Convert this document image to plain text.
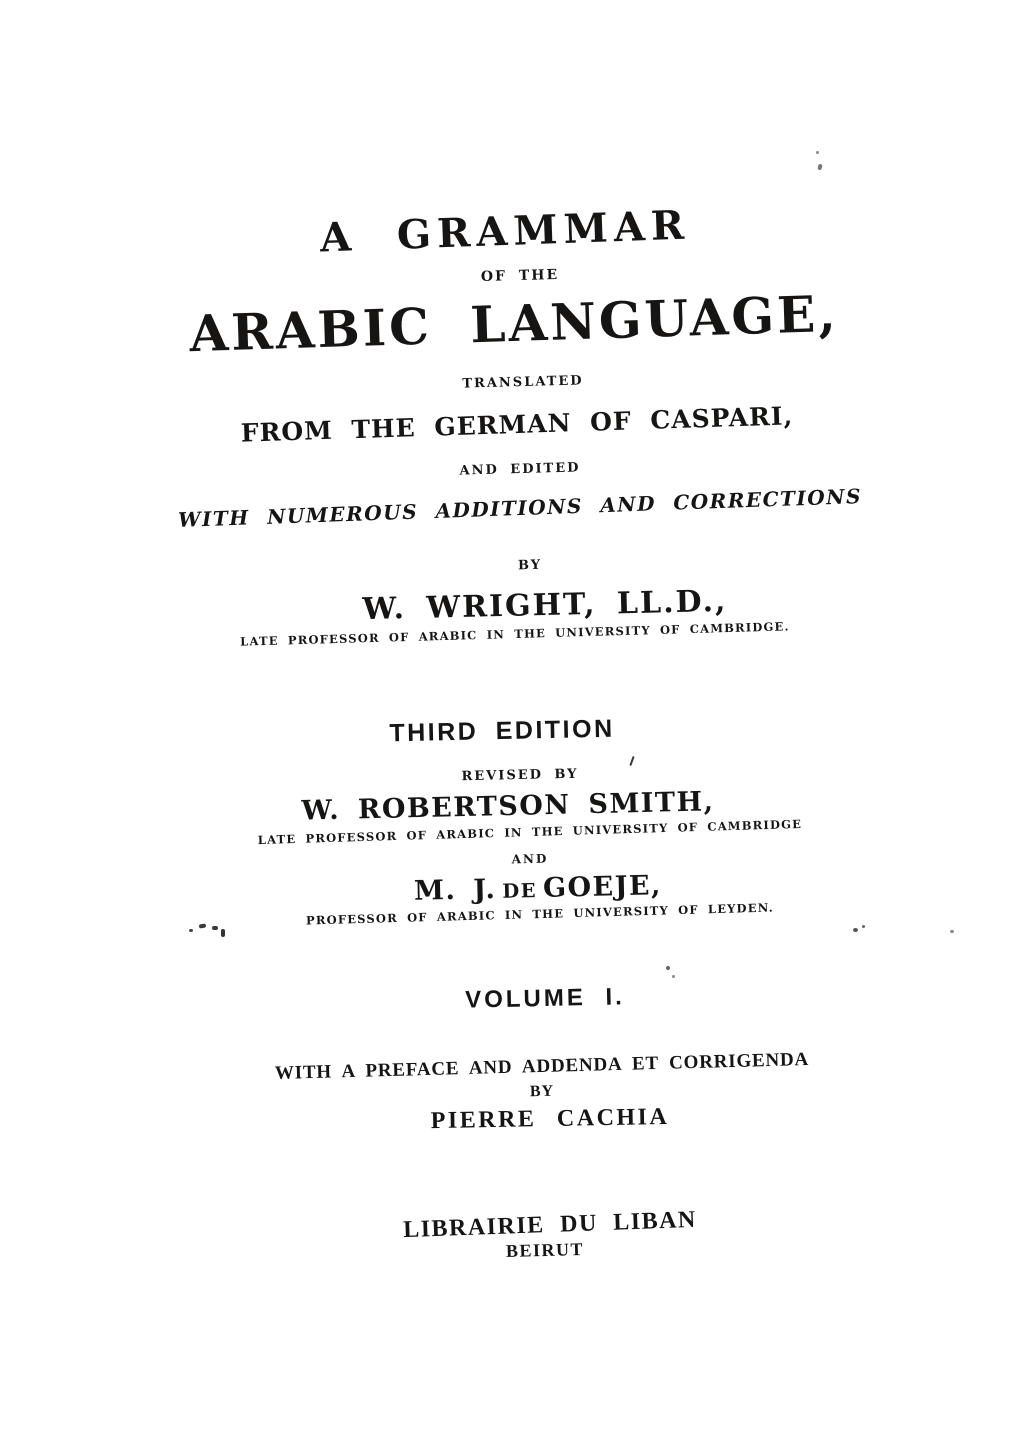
A GRAMMAR
OF THE
ARABIC LANGUAGE,
TRANSLATED
FROM THE GERMAN OF CASPARI,
AND EDITED
WITH NUMEROUS ADDITIONS AND CORRECTIONS
BY
W. WRIGHT, LL.D.,
LATE PROFESSOR OF ARABIC IN THE UNIVERSITY OF CAMBRIDGE.
THIRD EDITION
REVISED BY
W. ROBERTSON SMITH,
LATE PROFESSOR OF ARABIC IN THE UNIVERSITY OF CAMBRIDGE
AND
M. J. DE GOEJE,
PROFESSOR OF ARABIC IN THE UNIVERSITY OF LEYDEN.
VOLUME I.
WITH A PREFACE AND ADDENDA ET CORRIGENDA
BY
PIERRE CACHIA
LIBRAIRIE DU LIBAN
BEIRUT
